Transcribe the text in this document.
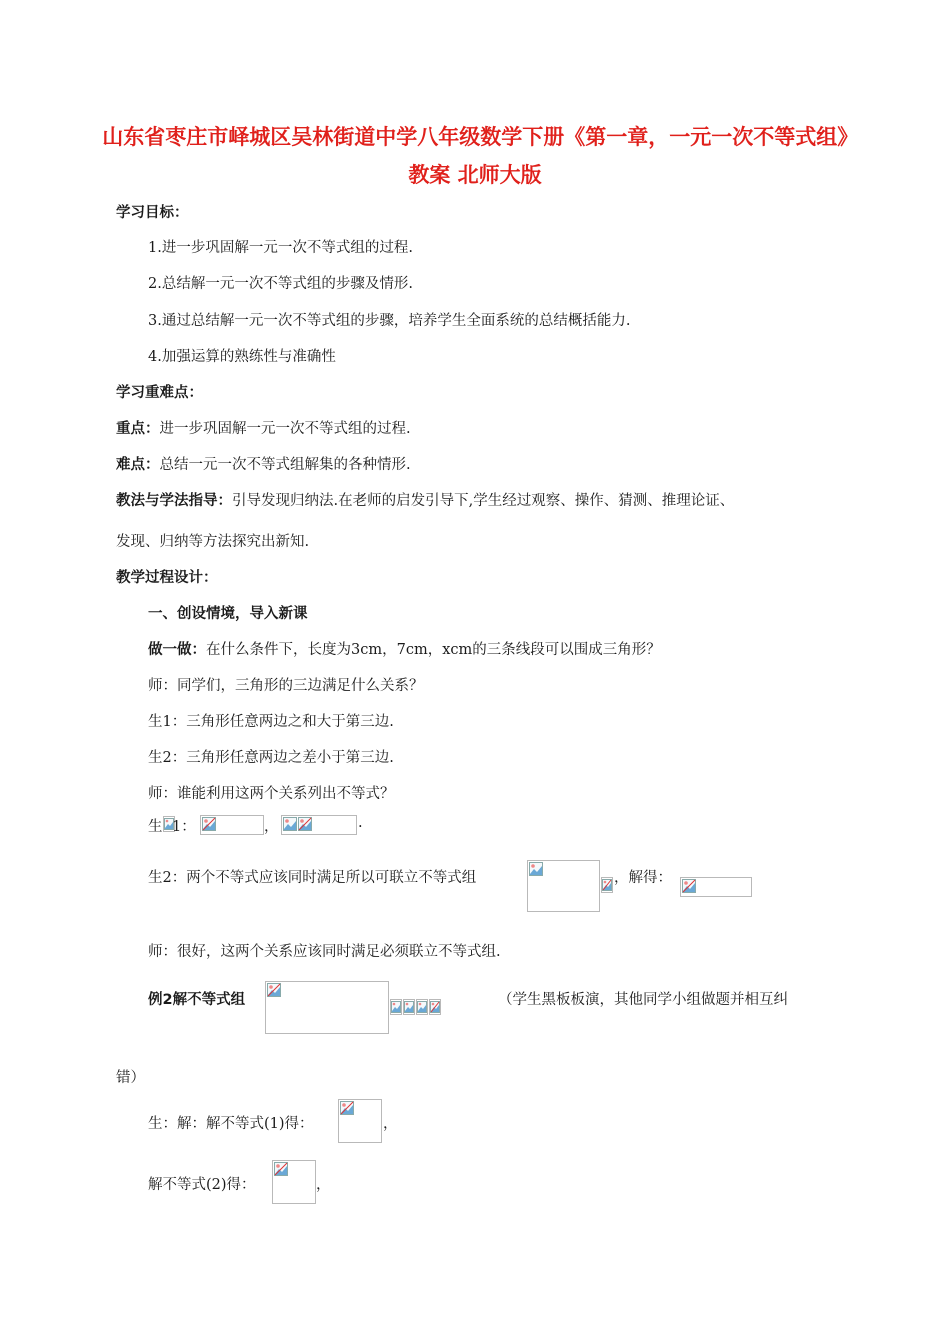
山东省枣庄市峄城区吴林街道中学八年级数学下册《第一章，一元一次不等式组》教案 北师大版
学习目标：
1.进一步巩固解一元一次不等式组的过程.
2.总结解一元一次不等式组的步骤及情形.
3.通过总结解一元一次不等式组的步骤，培养学生全面系统的总结概括能力.
4.加强运算的熟练性与准确性
学习重难点：
重点：进一步巩固解一元一次不等式组的过程.
难点：总结一元一次不等式组解集的各种情形.
教法与学法指导：引导发现归纳法.在老师的启发引导下,学生经过观察、操作、猜测、推理论证、
发现、归纳等方法探究出新知.
教学过程设计：
一、创设情境，导入新课
做一做：在什么条件下，长度为3cm，7cm，xcm的三条线段可以围成三角形？
师：同学们，三角形的三边满足什么关系？
生1：三角形任意两边之和大于第三边.
生2：三角形任意两边之差小于第三边.
师：谁能利用这两个关系列出不等式？
生 1：	，	.
生2：两个不等式应该同时满足所以可联立不等式组	，解得：
师：很好，这两个关系应该同时满足必须联立不等式组.
例2解不等式组	（学生黑板板演，其他同学小组做题并相互纠
错）
生：解：解不等式(1)得：	，
解不等式(2)得：	，
